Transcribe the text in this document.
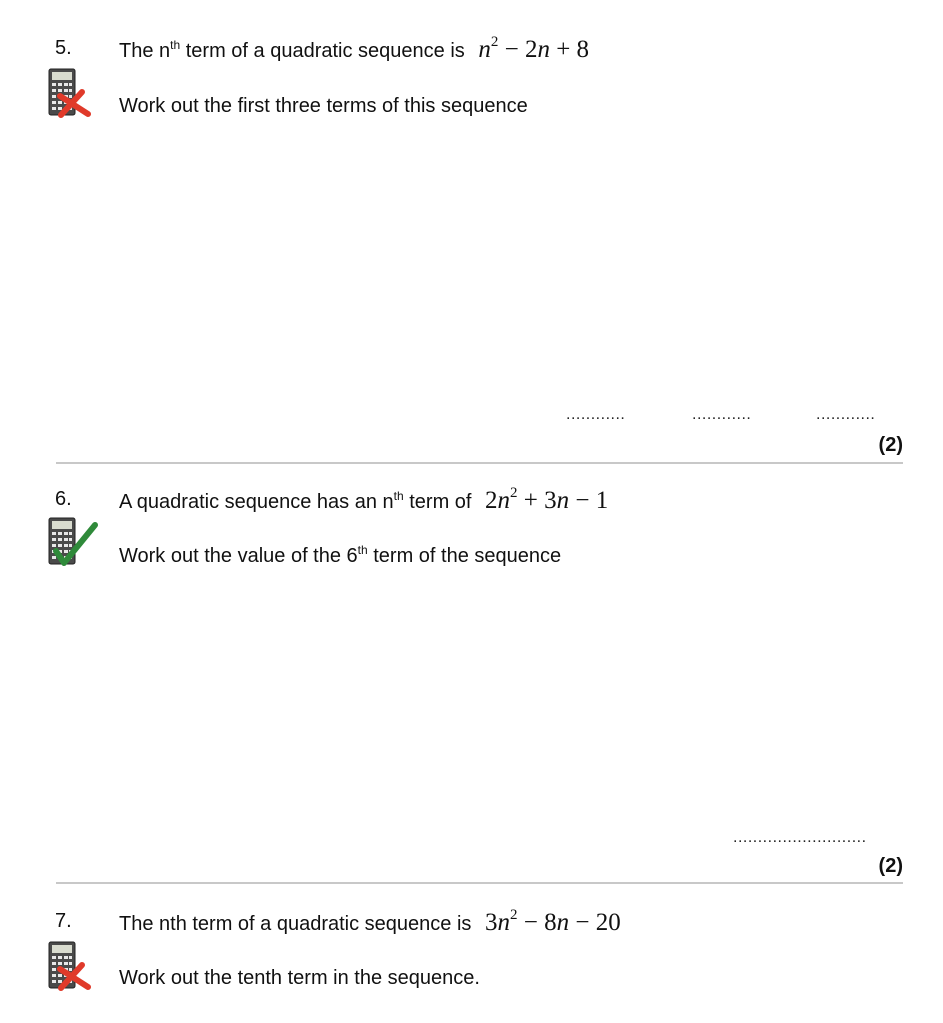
5. The $n^{th}$ term of a quadratic sequence is $n^2 - 2n + 8$
Work out the first three terms of this sequence
............	............	............
(2)
6. A quadratic sequence has an $n^{th}$ term of $2n^2 + 3n - 1$
Work out the value of the 6th term of the sequence
...........................
(2)
7. The nth term of a quadratic sequence is $3n^2 - 8n - 20$
Work out the tenth term in the sequence.
